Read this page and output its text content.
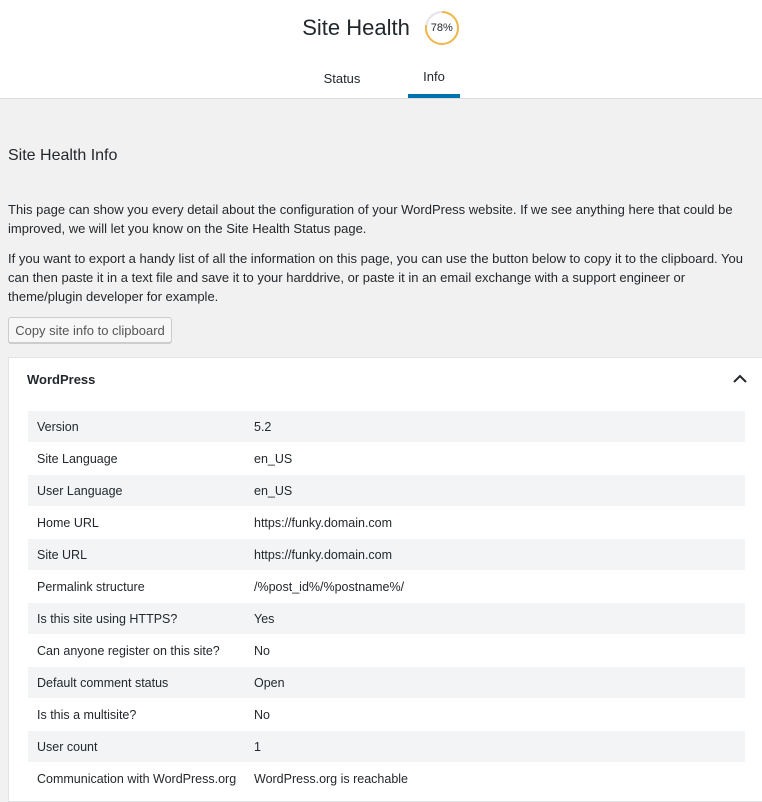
Site Health	78%
Status	Info
Site Health Info

This page can show you every detail about the configuration of your WordPress website. If we see anything here that could be improved, we will let you know on the Site Health Status page.

If you want to export a handy list of all the information on this page, you can use the button below to copy it to the clipboard. You can then paste it in a text file and save it to your harddrive, or paste it in an email exchange with a support engineer or theme/plugin developer for example.

Copy site info to clipboard
WordPress
Version	5.2
Site Language	en_US
User Language	en_US
Home URL	https://funky.domain.com
Site URL	https://funky.domain.com
Permalink structure	/%post_id%/%postname%/
Is this site using HTTPS?	Yes
Can anyone register on this site?	No
Default comment status	Open
Is this a multisite?	No
User count	1
Communication with WordPress.org	WordPress.org is reachable
